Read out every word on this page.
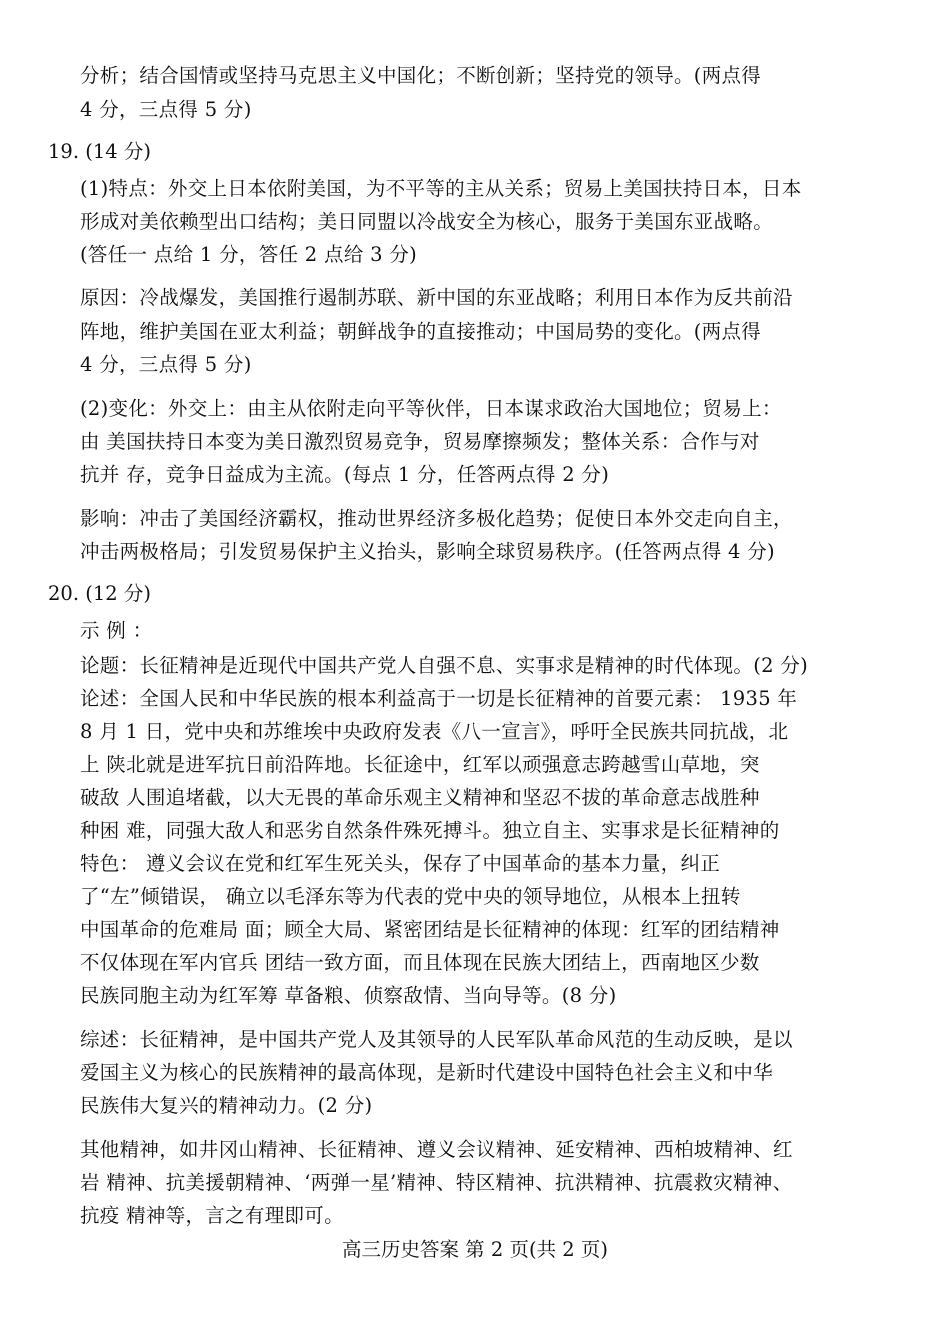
分析；结合国情或坚持马克思主义中国化；不断创新；坚持党的领导。(两点得
4 分，三点得 5 分)
19. (14 分)
(1)特点：外交上日本依附美国，为不平等的主从关系；贸易上美国扶持日本，日本
形成对美依赖型出口结构；美日同盟以冷战安全为核心，服务于美国东亚战略。
(答任一 点给 1 分，答任 2 点给 3 分)
原因：冷战爆发，美国推行遏制苏联、新中国的东亚战略；利用日本作为反共前沿
阵地，维护美国在亚太利益；朝鲜战争的直接推动；中国局势的变化。(两点得
4 分，三点得 5 分)
(2)变化：外交上：由主从依附走向平等伙伴，日本谋求政治大国地位；贸易上：
由 美国扶持日本变为美日激烈贸易竞争，贸易摩擦频发；整体关系：合作与对
抗并 存，竞争日益成为主流。(每点 1 分，任答两点得 2 分)
影响：冲击了美国经济霸权，推动世界经济多极化趋势；促使日本外交走向自主，
冲击两极格局；引发贸易保护主义抬头，影响全球贸易秩序。(任答两点得 4 分)
20. (12 分)
示 例 ：
论题：长征精神是近现代中国共产党人自强不息、实事求是精神的时代体现。(2 分)
论述：全国人民和中华民族的根本利益高于一切是长征精神的首要元素： 1935 年
8 月 1 日，党中央和苏维埃中央政府发表《八一宣言》，呼吁全民族共同抗战，北
上 陕北就是进军抗日前沿阵地。长征途中，红军以顽强意志跨越雪山草地，突
破敌 人围追堵截，以大无畏的革命乐观主义精神和坚忍不拔的革命意志战胜种
种困 难，同强大敌人和恶劣自然条件殊死搏斗。独立自主、实事求是长征精神的
特色： 遵义会议在党和红军生死关头，保存了中国革命的基本力量，纠正
了“左”倾错误， 确立以毛泽东等为代表的党中央的领导地位，从根本上扭转
中国革命的危难局 面；顾全大局、紧密团结是长征精神的体现：红军的团结精神
不仅体现在军内官兵 团结一致方面，而且体现在民族大团结上，西南地区少数
民族同胞主动为红军筹 草备粮、侦察敌情、当向导等。(8 分)
综述：长征精神，是中国共产党人及其领导的人民军队革命风范的生动反映，是以
爱国主义为核心的民族精神的最高体现，是新时代建设中国特色社会主义和中华
民族伟大复兴的精神动力。(2 分)
其他精神，如井冈山精神、长征精神、遵义会议精神、延安精神、西柏坡精神、红
岩 精神、抗美援朝精神、‘两弹一星’精神、特区精神、抗洪精神、抗震救灾精神、
抗疫 精神等，言之有理即可。
高三历史答案 第 2 页(共 2 页)
